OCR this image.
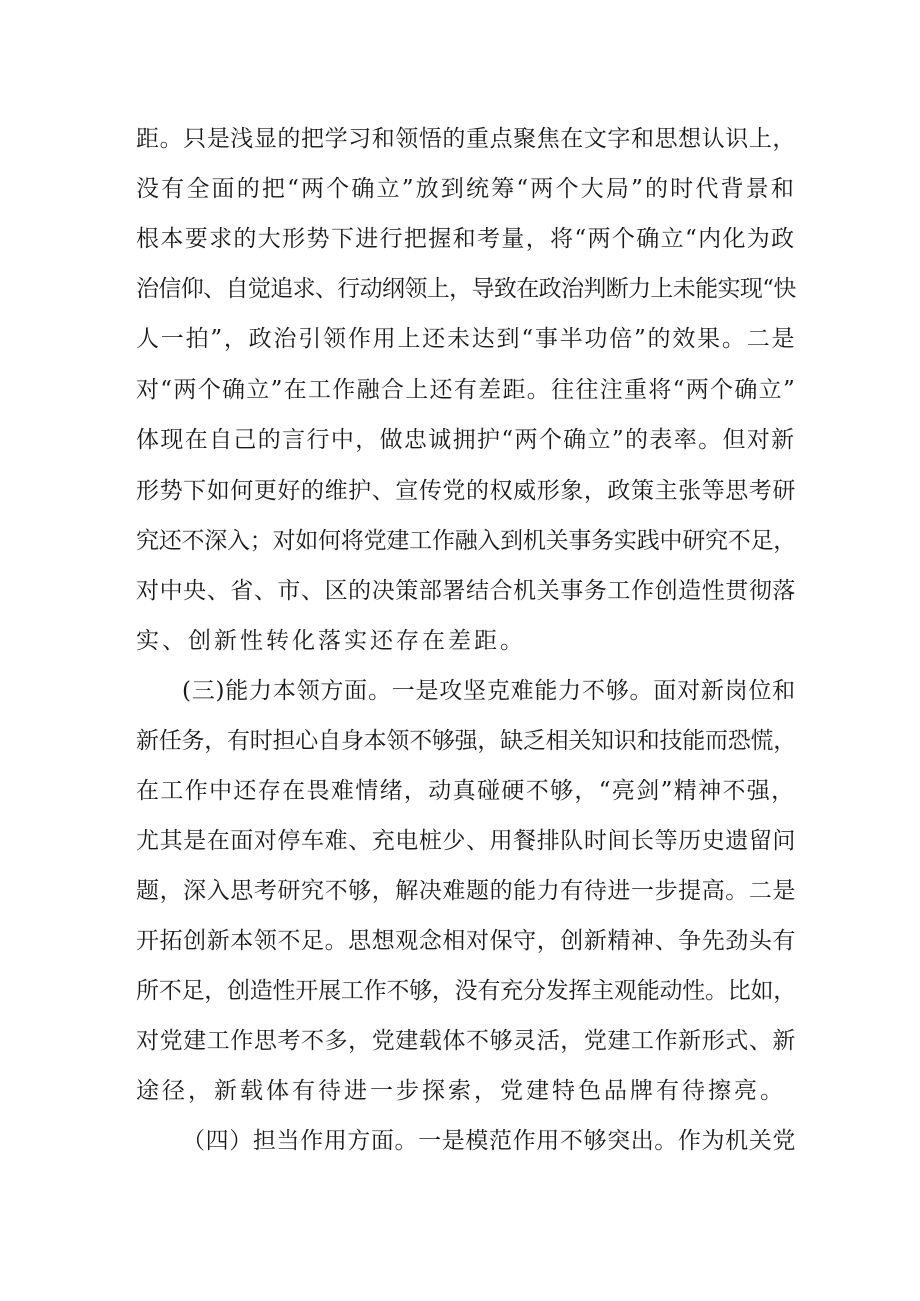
距。只是浅显的把学习和领悟的重点聚焦在文字和思想认识上，

没有全面的把“两个确立”放到统筹“两个大局”的时代背景和

根本要求的大形势下进行把握和考量，将“两个确立“内化为政

治信仰、自觉追求、行动纲领上，导致在政治判断力上未能实现“快

人一拍”，政治引领作用上还未达到“事半功倍”的效果。二是

对“两个确立”在工作融合上还有差距。往往注重将“两个确立”

体现在自己的言行中，做忠诚拥护“两个确立”的表率。但对新

形势下如何更好的维护、宣传党的权威形象，政策主张等思考研

究还不深入；对如何将党建工作融入到机关事务实践中研究不足，

对中央、省、市、区的决策部署结合机关事务工作创造性贯彻落

实、创新性转化落实还存在差距。

(三)能力本领方面。一是攻坚克难能力不够。面对新岗位和

新任务，有时担心自身本领不够强，缺乏相关知识和技能而恐慌，

在工作中还存在畏难情绪，动真碰硬不够，“亮剑”精神不强，

尤其是在面对停车难、充电桩少、用餐排队时间长等历史遗留问

题，深入思考研究不够，解决难题的能力有待进一步提高。二是

开拓创新本领不足。思想观念相对保守，创新精神、争先劲头有

所不足，创造性开展工作不够，没有充分发挥主观能动性。比如，

对党建工作思考不多，党建载体不够灵活，党建工作新形式、新

途径，新载体有待进一步探索，党建特色品牌有待擦亮。

（四）担当作用方面。一是模范作用不够突出。作为机关党
